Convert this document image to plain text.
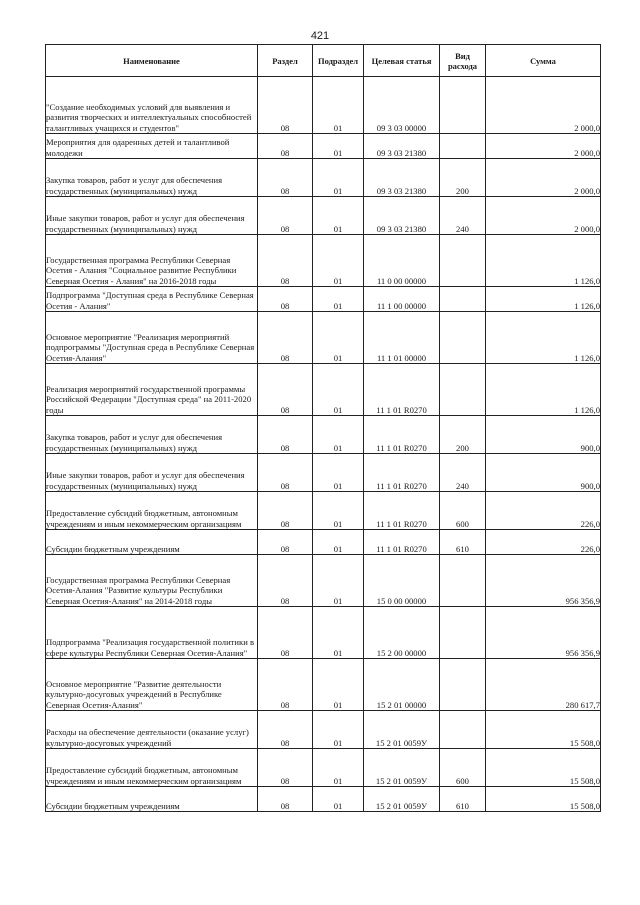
421
Наименование	Раздел	Подраздел	Целевая статья	Вид расхода	Сумма
"Создание необходимых условий для выявления и развития творческих и интеллектуальных способностей талантливых учащихся и студентов"	08	01	09 3 03 00000		2 000,0
Мероприятия для одаренных детей и талантливой молодежи	08	01	09 3 03 21380		2 000,0
Закупка товаров, работ и услуг для обеспечения государственных (муниципальных) нужд	08	01	09 3 03 21380	200	2 000,0
Иные закупки товаров, работ и услуг для обеспечения государственных (муниципальных) нужд	08	01	09 3 03 21380	240	2 000,0
Государственная программа Республики Северная Осетия - Алания "Социальное развитие Республики Северная Осетия - Алания" на 2016-2018 годы	08	01	11 0 00 00000		1 126,0
Подпрограмма "Доступная среда в Республике Северная Осетия - Алания"	08	01	11 1 00 00000		1 126,0
Основное мероприятие "Реализация мероприятий подпрограммы "Доступная среда в Республике Северная Осетия-Алания"	08	01	11 1 01 00000		1 126,0
Реализация мероприятий государственной программы Российской Федерации "Доступная среда" на 2011-2020 годы	08	01	11 1 01 R0270		1 126,0
Закупка товаров, работ и услуг для обеспечения государственных (муниципальных) нужд	08	01	11 1 01 R0270	200	900,0
Иные закупки товаров, работ и услуг для обеспечения государственных (муниципальных) нужд	08	01	11 1 01 R0270	240	900,0
Предоставление субсидий бюджетным, автономным учреждениям и иным некоммерческим организациям	08	01	11 1 01 R0270	600	226,0
Субсидии бюджетным учреждениям	08	01	11 1 01 R0270	610	226,0
Государственная программа Республики Северная Осетия-Алания "Развитие культуры Республики Северная Осетия-Алания" на 2014-2018 годы	08	01	15 0 00 00000		956 356,9
Подпрограмма "Реализация государственной политики в сфере культуры Республики Северная Осетия-Алания"	08	01	15 2 00 00000		956 356,9
Основное мероприятие "Развитие деятельности культурно-досуговых учреждений в Республике Северная Осетия-Алания"	08	01	15 2 01 00000		280 617,7
Расходы на обеспечение деятельности (оказание услуг) культурно-досуговых учреждений	08	01	15 2 01 0059У		15 508,0
Предоставление субсидий бюджетным, автономным учреждениям и иным некоммерческим организациям	08	01	15 2 01 0059У	600	15 508,0
Субсидии бюджетным учреждениям	08	01	15 2 01 0059У	610	15 508,0
